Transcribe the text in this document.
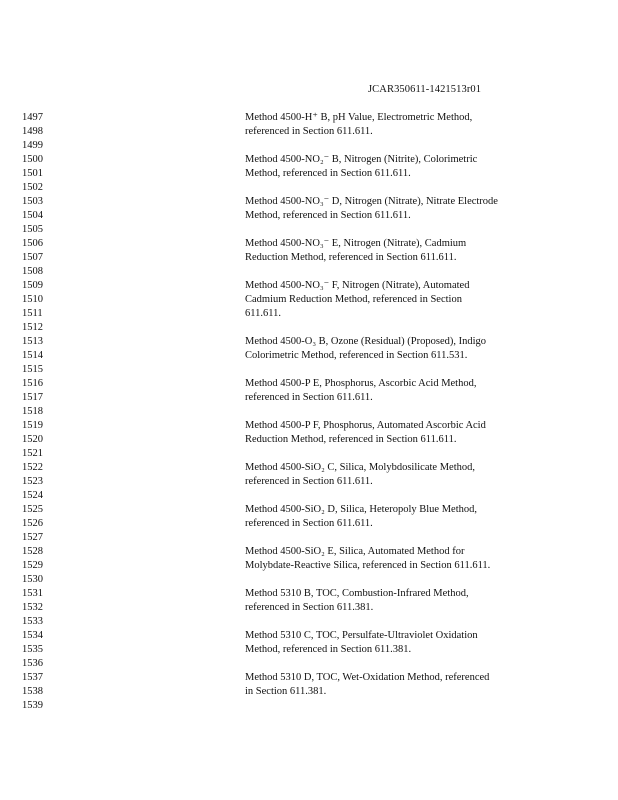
JCAR350611-1421513r01
1497	Method 4500-H⁺ B, pH Value, Electrometric Method,
1498	referenced in Section 611.611.
1499
1500	Method 4500-NO₂⁻ B, Nitrogen (Nitrite), Colorimetric
1501	Method, referenced in Section 611.611.
1502
1503	Method 4500-NO₃⁻ D, Nitrogen (Nitrate), Nitrate Electrode
1504	Method, referenced in Section 611.611.
1505
1506	Method 4500-NO₃⁻ E, Nitrogen (Nitrate), Cadmium
1507	Reduction Method, referenced in Section 611.611.
1508
1509	Method 4500-NO₃⁻ F, Nitrogen (Nitrate), Automated
1510	Cadmium Reduction Method, referenced in Section
1511	611.611.
1512
1513	Method 4500-O₃ B, Ozone (Residual) (Proposed), Indigo
1514	Colorimetric Method, referenced in Section 611.531.
1515
1516	Method 4500-P E, Phosphorus, Ascorbic Acid Method,
1517	referenced in Section 611.611.
1518
1519	Method 4500-P F, Phosphorus, Automated Ascorbic Acid
1520	Reduction Method, referenced in Section 611.611.
1521
1522	Method 4500-SiO₂ C, Silica, Molybdosilicate Method,
1523	referenced in Section 611.611.
1524
1525	Method 4500-SiO₂ D, Silica, Heteropoly Blue Method,
1526	referenced in Section 611.611.
1527
1528	Method 4500-SiO₂ E, Silica, Automated Method for
1529	Molybdate-Reactive Silica, referenced in Section 611.611.
1530
1531	Method 5310 B, TOC, Combustion-Infrared Method,
1532	referenced in Section 611.381.
1533
1534	Method 5310 C, TOC, Persulfate-Ultraviolet Oxidation
1535	Method, referenced in Section 611.381.
1536
1537	Method 5310 D, TOC, Wet-Oxidation Method, referenced
1538	in Section 611.381.
1539
